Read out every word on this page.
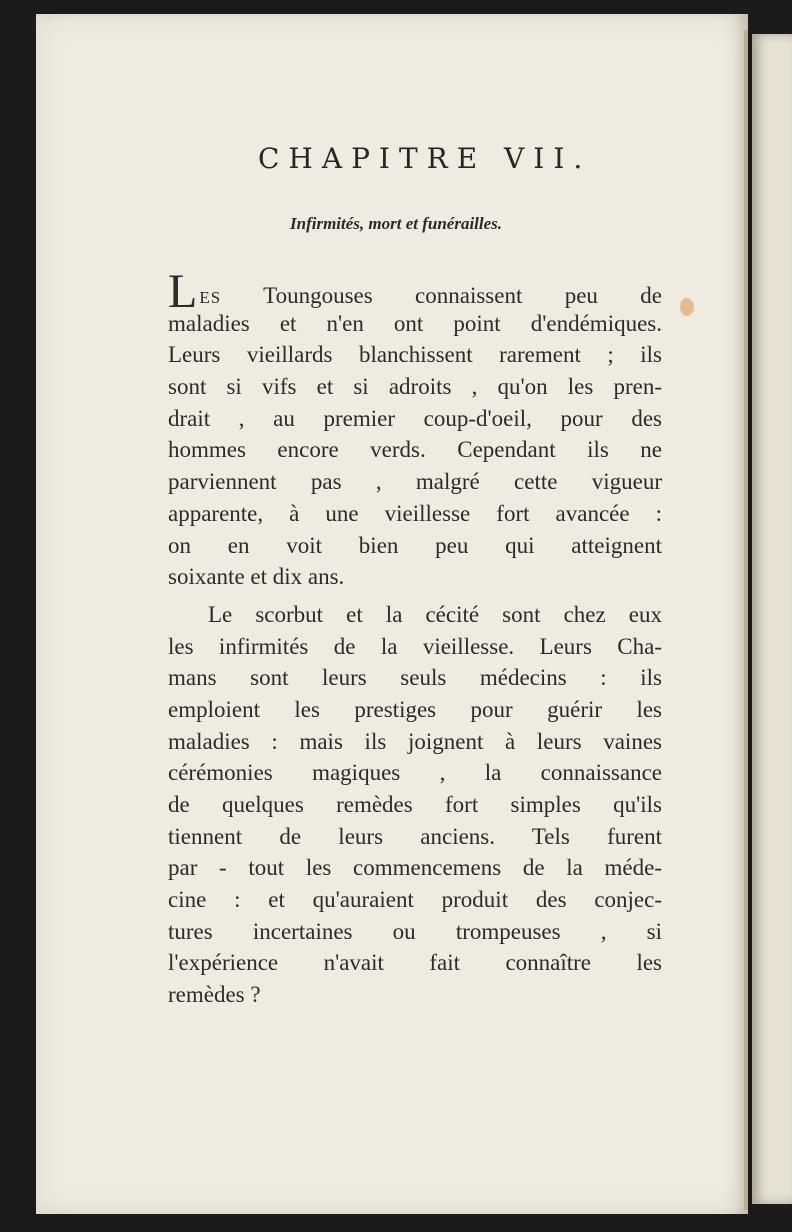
CHAPITRE VII.
Infirmités, mort et funérailles.
LES Toungouses connaissent peu de
maladies et n'en ont point d'endémiques.
Leurs vieillards blanchissent rarement ; ils
sont si vifs et si adroits , qu'on les pren-
drait , au premier coup-d'oeil, pour des
hommes encore verds. Cependant ils ne
parviennent pas , malgré cette vigueur
apparente, à une vieillesse fort avancée :
on en voit bien peu qui atteignent
soixante et dix ans.
Le scorbut et la cécité sont chez eux
les infirmités de la vieillesse. Leurs Cha-
mans sont leurs seuls médecins : ils
emploient les prestiges pour guérir les
maladies : mais ils joignent à leurs vaines
cérémonies magiques , la connaissance
de quelques remèdes fort simples qu'ils
tiennent de leurs anciens. Tels furent
par - tout les commencemens de la méde-
cine : et qu'auraient produit des conjec-
tures incertaines ou trompeuses , si
l'expérience n'avait fait connaître les
remèdes ?
